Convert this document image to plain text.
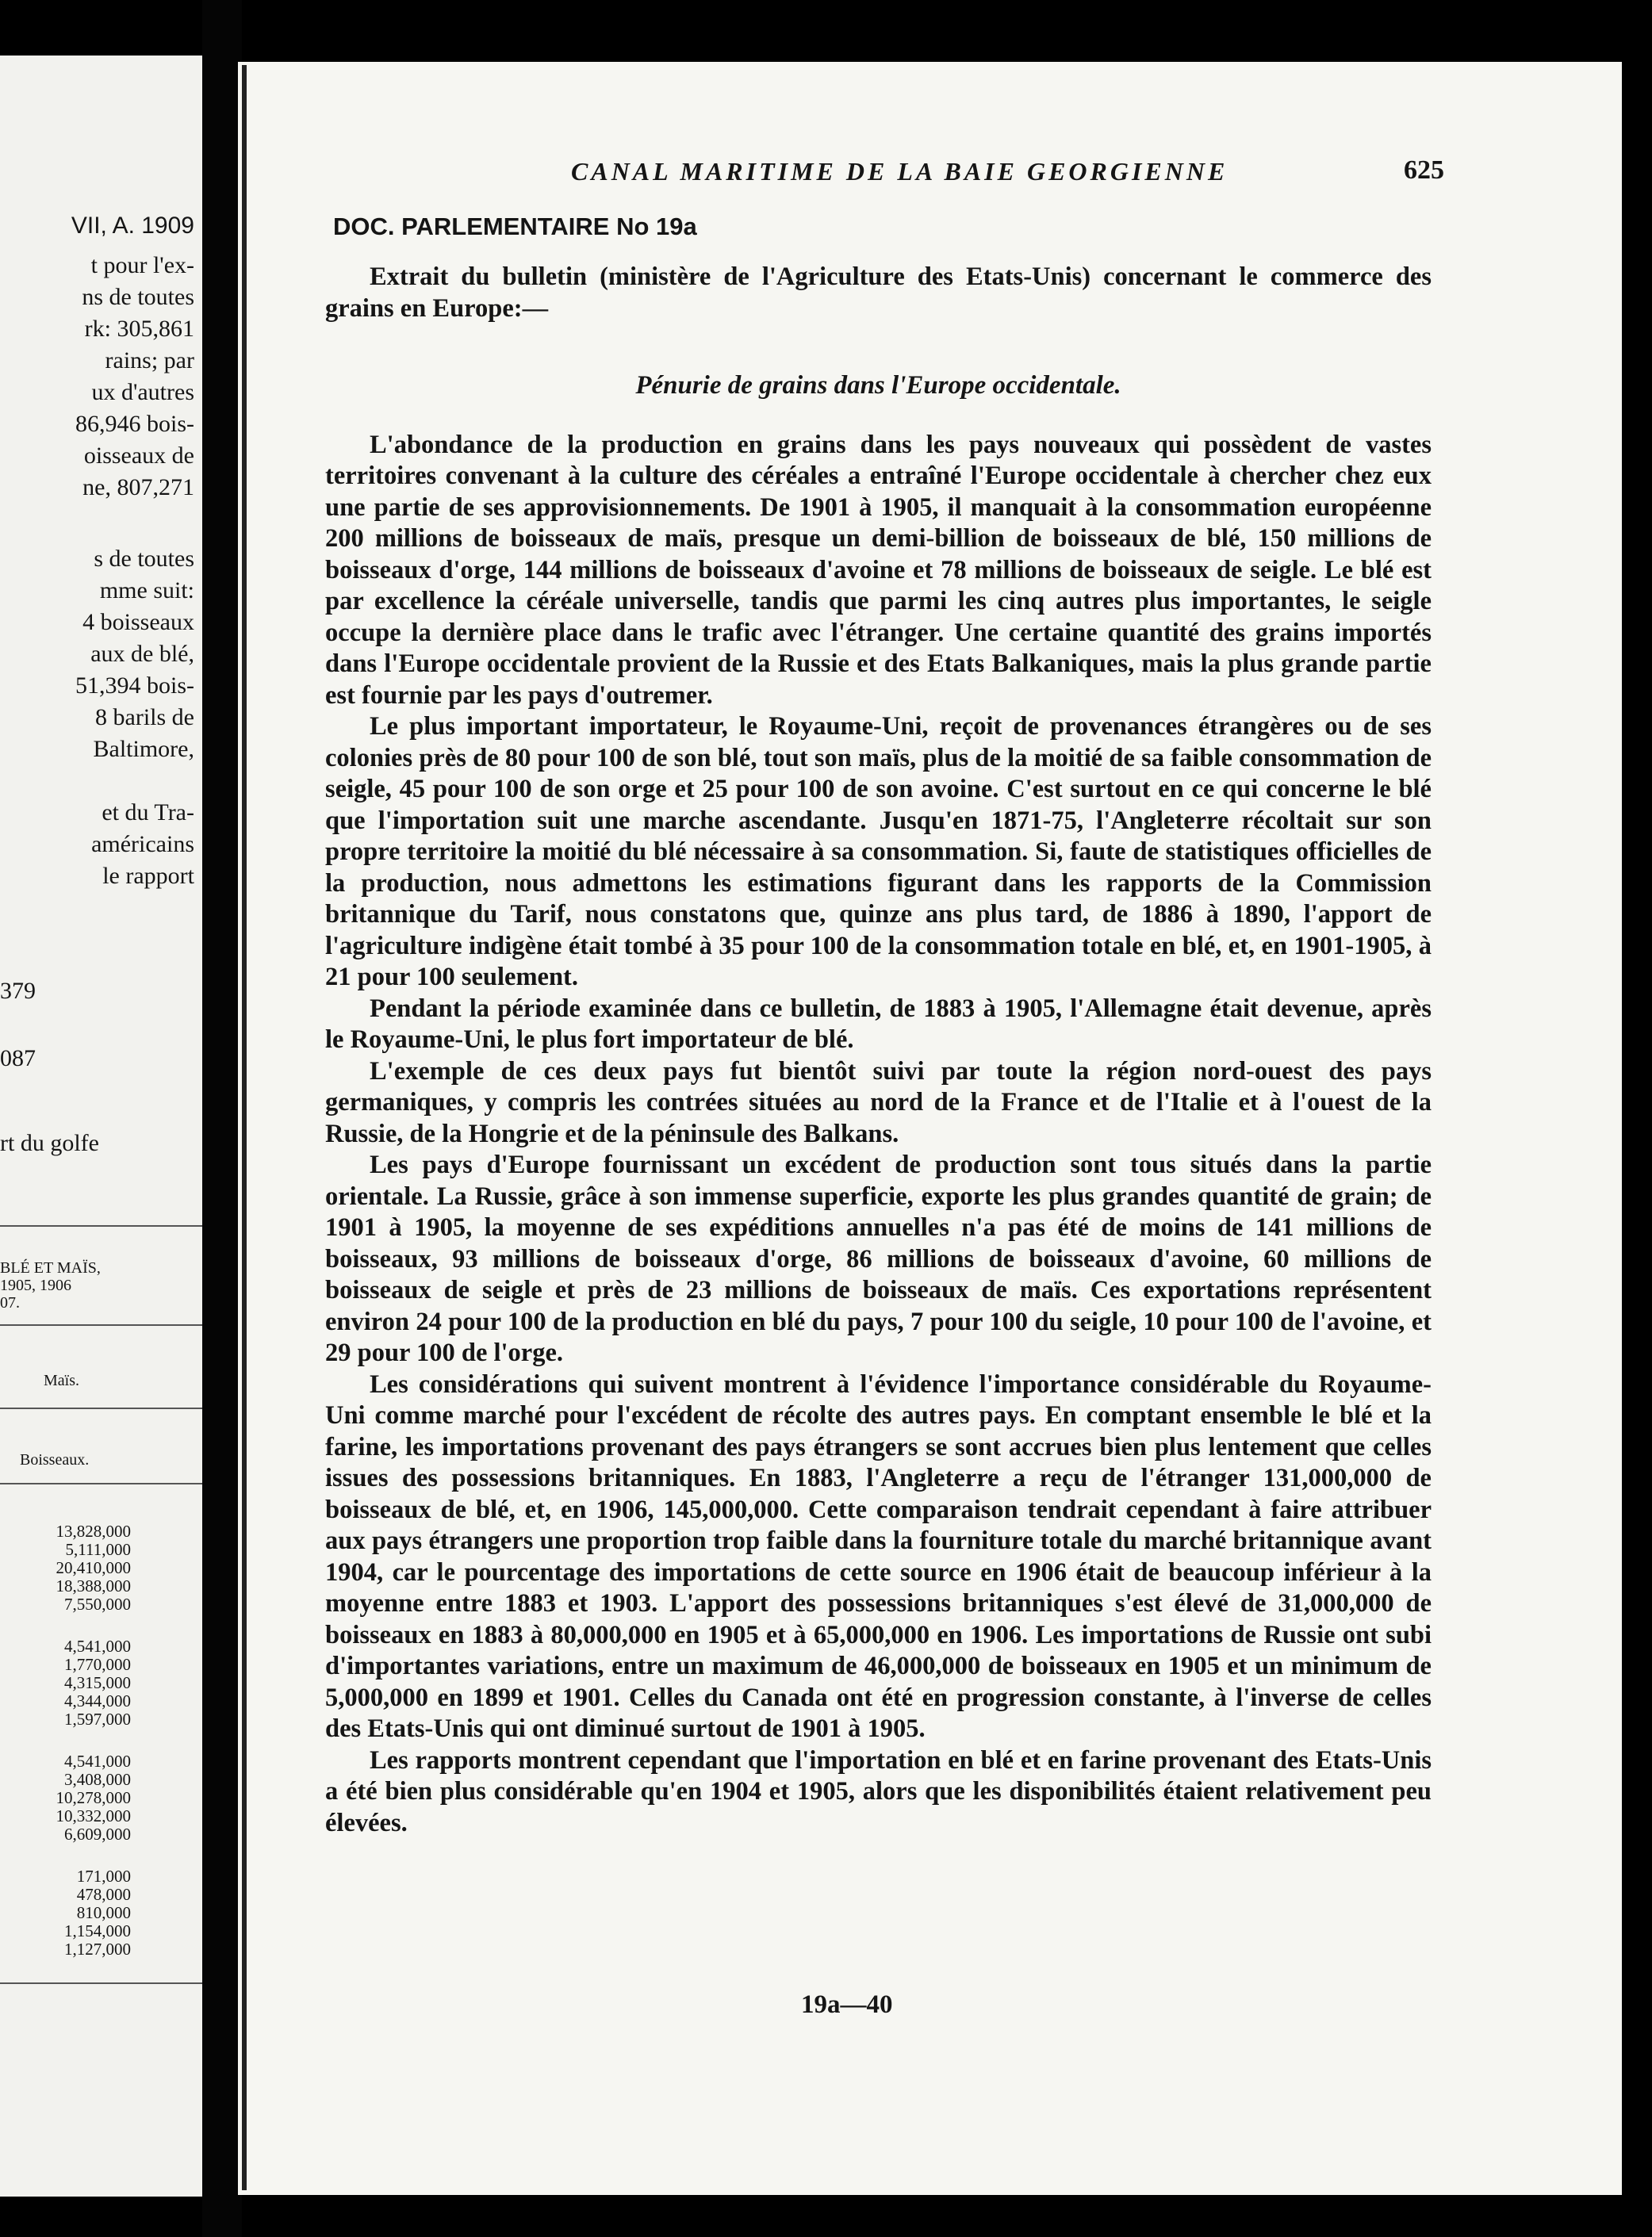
VII, A. 1909
t pour l'ex-
ns de toutes
rk: 305,861
rains; par
ux d'autres
86,946 bois-
oisseaux de
ne, 807,271
s de toutes
mme suit:
4 boisseaux
aux de blé,
51,394 bois-
8 barils de
Baltimore,
et du Tra-
américains
le rapport
379
087
rt du golfe
BLÉ ET MAÏS,
1905, 1906
07.
Maïs.
Boisseaux.
13,828,000
5,111,000
20,410,000
18,388,000
7,550,000
4,541,000
1,770,000
4,315,000
4,344,000
1,597,000
4,541,000
3,408,000
10,278,000
10,332,000
6,609,000
171,000
478,000
810,000
1,154,000
1,127,000
CANAL MARITIME DE LA BAIE GEORGIENNE	625
DOC. PARLEMENTAIRE No 19a

Extrait du bulletin (ministère de l'Agriculture des Etats-Unis) concernant le commerce des grains en Europe:—

Pénurie de grains dans l'Europe occidentale.

L'abondance de la production en grains dans les pays nouveaux qui possèdent de vastes territoires convenant à la culture des céréales a entraîné l'Europe occidentale à chercher chez eux une partie de ses approvisionnements. De 1901 à 1905, il manquait à la consommation européenne 200 millions de boisseaux de maïs, presque un demi-billion de boisseaux de blé, 150 millions de boisseaux d'orge, 144 millions de boisseaux d'avoine et 78 millions de boisseaux de seigle. Le blé est par excellence la céréale universelle, tandis que parmi les cinq autres plus importantes, le seigle occupe la dernière place dans le trafic avec l'étranger. Une certaine quantité des grains importés dans l'Europe occidentale provient de la Russie et des Etats Balkaniques, mais la plus grande partie est fournie par les pays d'outremer.

Le plus important importateur, le Royaume-Uni, reçoit de provenances étrangères ou de ses colonies près de 80 pour 100 de son blé, tout son maïs, plus de la moitié de sa faible consommation de seigle, 45 pour 100 de son orge et 25 pour 100 de son avoine. C'est surtout en ce qui concerne le blé que l'importation suit une marche ascendante. Jusqu'en 1871-75, l'Angleterre récoltait sur son propre territoire la moitié du blé nécessaire à sa consommation. Si, faute de statistiques officielles de la production, nous admettons les estimations figurant dans les rapports de la Commission britannique du Tarif, nous constatons que, quinze ans plus tard, de 1886 à 1890, l'apport de l'agriculture indigène était tombé à 35 pour 100 de la consommation totale en blé, et, en 1901-1905, à 21 pour 100 seulement.

Pendant la période examinée dans ce bulletin, de 1883 à 1905, l'Allemagne était devenue, après le Royaume-Uni, le plus fort importateur de blé.

L'exemple de ces deux pays fut bientôt suivi par toute la région nord-ouest des pays germaniques, y compris les contrées situées au nord de la France et de l'Italie et à l'ouest de la Russie, de la Hongrie et de la péninsule des Balkans.

Les pays d'Europe fournissant un excédent de production sont tous situés dans la partie orientale. La Russie, grâce à son immense superficie, exporte les plus grandes quantité de grain; de 1901 à 1905, la moyenne de ses expéditions annuelles n'a pas été de moins de 141 millions de boisseaux, 93 millions de boisseaux d'orge, 86 millions de boisseaux d'avoine, 60 millions de boisseaux de seigle et près de 23 millions de boisseaux de maïs. Ces exportations représentent environ 24 pour 100 de la production en blé du pays, 7 pour 100 du seigle, 10 pour 100 de l'avoine, et 29 pour 100 de l'orge.

Les considérations qui suivent montrent à l'évidence l'importance considérable du Royaume-Uni comme marché pour l'excédent de récolte des autres pays. En comptant ensemble le blé et la farine, les importations provenant des pays étrangers se sont accrues bien plus lentement que celles issues des possessions britanniques. En 1883, l'Angleterre a reçu de l'étranger 131,000,000 de boisseaux de blé, et, en 1906, 145,000,000. Cette comparaison tendrait cependant à faire attribuer aux pays étrangers une proportion trop faible dans la fourniture totale du marché britannique avant 1904, car le pourcentage des importations de cette source en 1906 était de beaucoup inférieur à la moyenne entre 1883 et 1903. L'apport des possessions britanniques s'est élevé de 31,000,000 de boisseaux en 1883 à 80,000,000 en 1905 et à 65,000,000 en 1906. Les importations de Russie ont subi d'importantes variations, entre un maximum de 46,000,000 de boisseaux en 1905 et un minimum de 5,000,000 en 1899 et 1901. Celles du Canada ont été en progression constante, à l'inverse de celles des Etats-Unis qui ont diminué surtout de 1901 à 1905.

Les rapports montrent cependant que l'importation en blé et en farine provenant des Etats-Unis a été bien plus considérable qu'en 1904 et 1905, alors que les disponibilités étaient relativement peu élevées.

19a—40
